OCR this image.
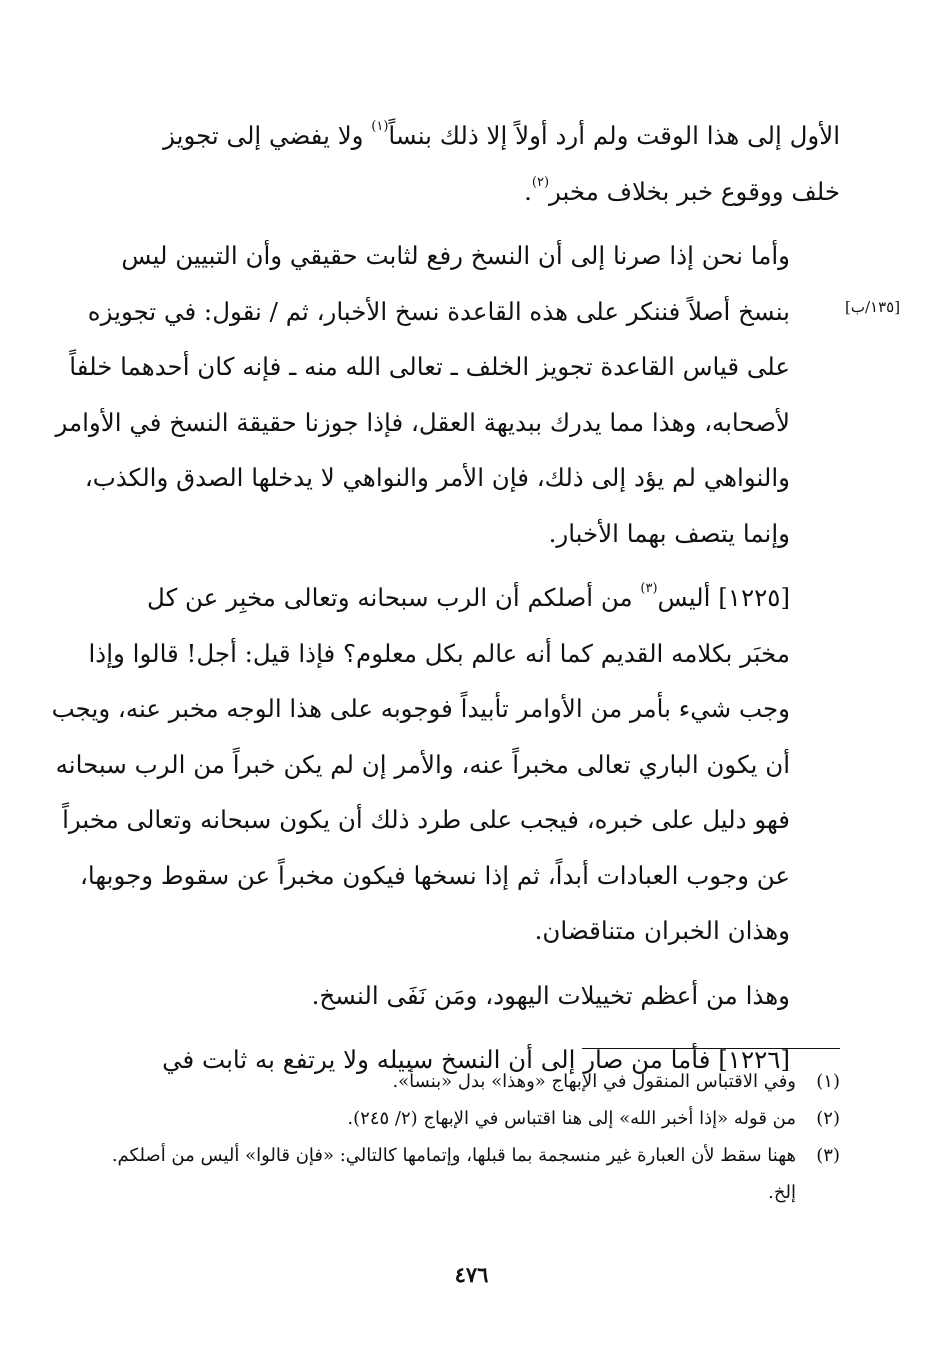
الأول إلى هذا الوقت ولم أرد أولاً إلا ذلك بنساً$^{(١)}$ ولا يفضي إلى تجويز
خلف ووقوع خبر بخلاف مخبر$^{(٢)}$.

وأما نحن إذا صرنا إلى أن النسخ رفع لثابت حقيقي وأن التبيين ليس
بنسخ أصلاً فننكر على هذه القاعدة نسخ الأخبار، ثم / نقول: في تجويزه
على قياس القاعدة تجويز الخلف ـ تعالى الله منه ـ فإنه كان أحدهما خلفاً
لأصحابه، وهذا مما يدرك ببديهة العقل، فإذا جوزنا حقيقة النسخ في الأوامر
والنواهي لم يؤد إلى ذلك، فإن الأمر والنواهي لا يدخلها الصدق والكذب،
وإنما يتصف بهما الأخبار.

[١٢٢٥] أليس$^{(٣)}$ من أصلكم أن الرب سبحانه وتعالى مخبِر عن كل
مخبَر بكلامه القديم كما أنه عالم بكل معلوم؟ فإذا قيل: أجل! قالوا وإذا
وجب شيء بأمر من الأوامر تأبيداً فوجوبه على هذا الوجه مخبر عنه، ويجب
أن يكون الباري تعالى مخبراً عنه، والأمر إن لم يكن خبراً من الرب سبحانه
فهو دليل على خبره، فيجب على طرد ذلك أن يكون سبحانه وتعالى مخبراً
عن وجوب العبادات أبداً، ثم إذا نسخها فيكون مخبراً عن سقوط وجوبها،
وهذان الخبران متناقضان.

وهذا من أعظم تخييلات اليهود، ومَن نَفَى النسخ.

[١٢٢٦] فأما من صار إلى أن النسخ سبيله ولا يرتفع به ثابت في

[١٣٥/ب]
(١)
وفي الاقتباس المنقول في الإبهاج «وهذا» بدل «بنسأ».
(٢)
من قوله «إذا أخبر الله» إلى هنا اقتباس في الإبهاج (٢/ ٢٤٥).
(٣)
ههنا سقط لأن العبارة غير منسجمة بما قبلها، وإتمامها كالتالي: «فإن قالوا» أليس من أصلكم. إلخ.
٤٧٦
